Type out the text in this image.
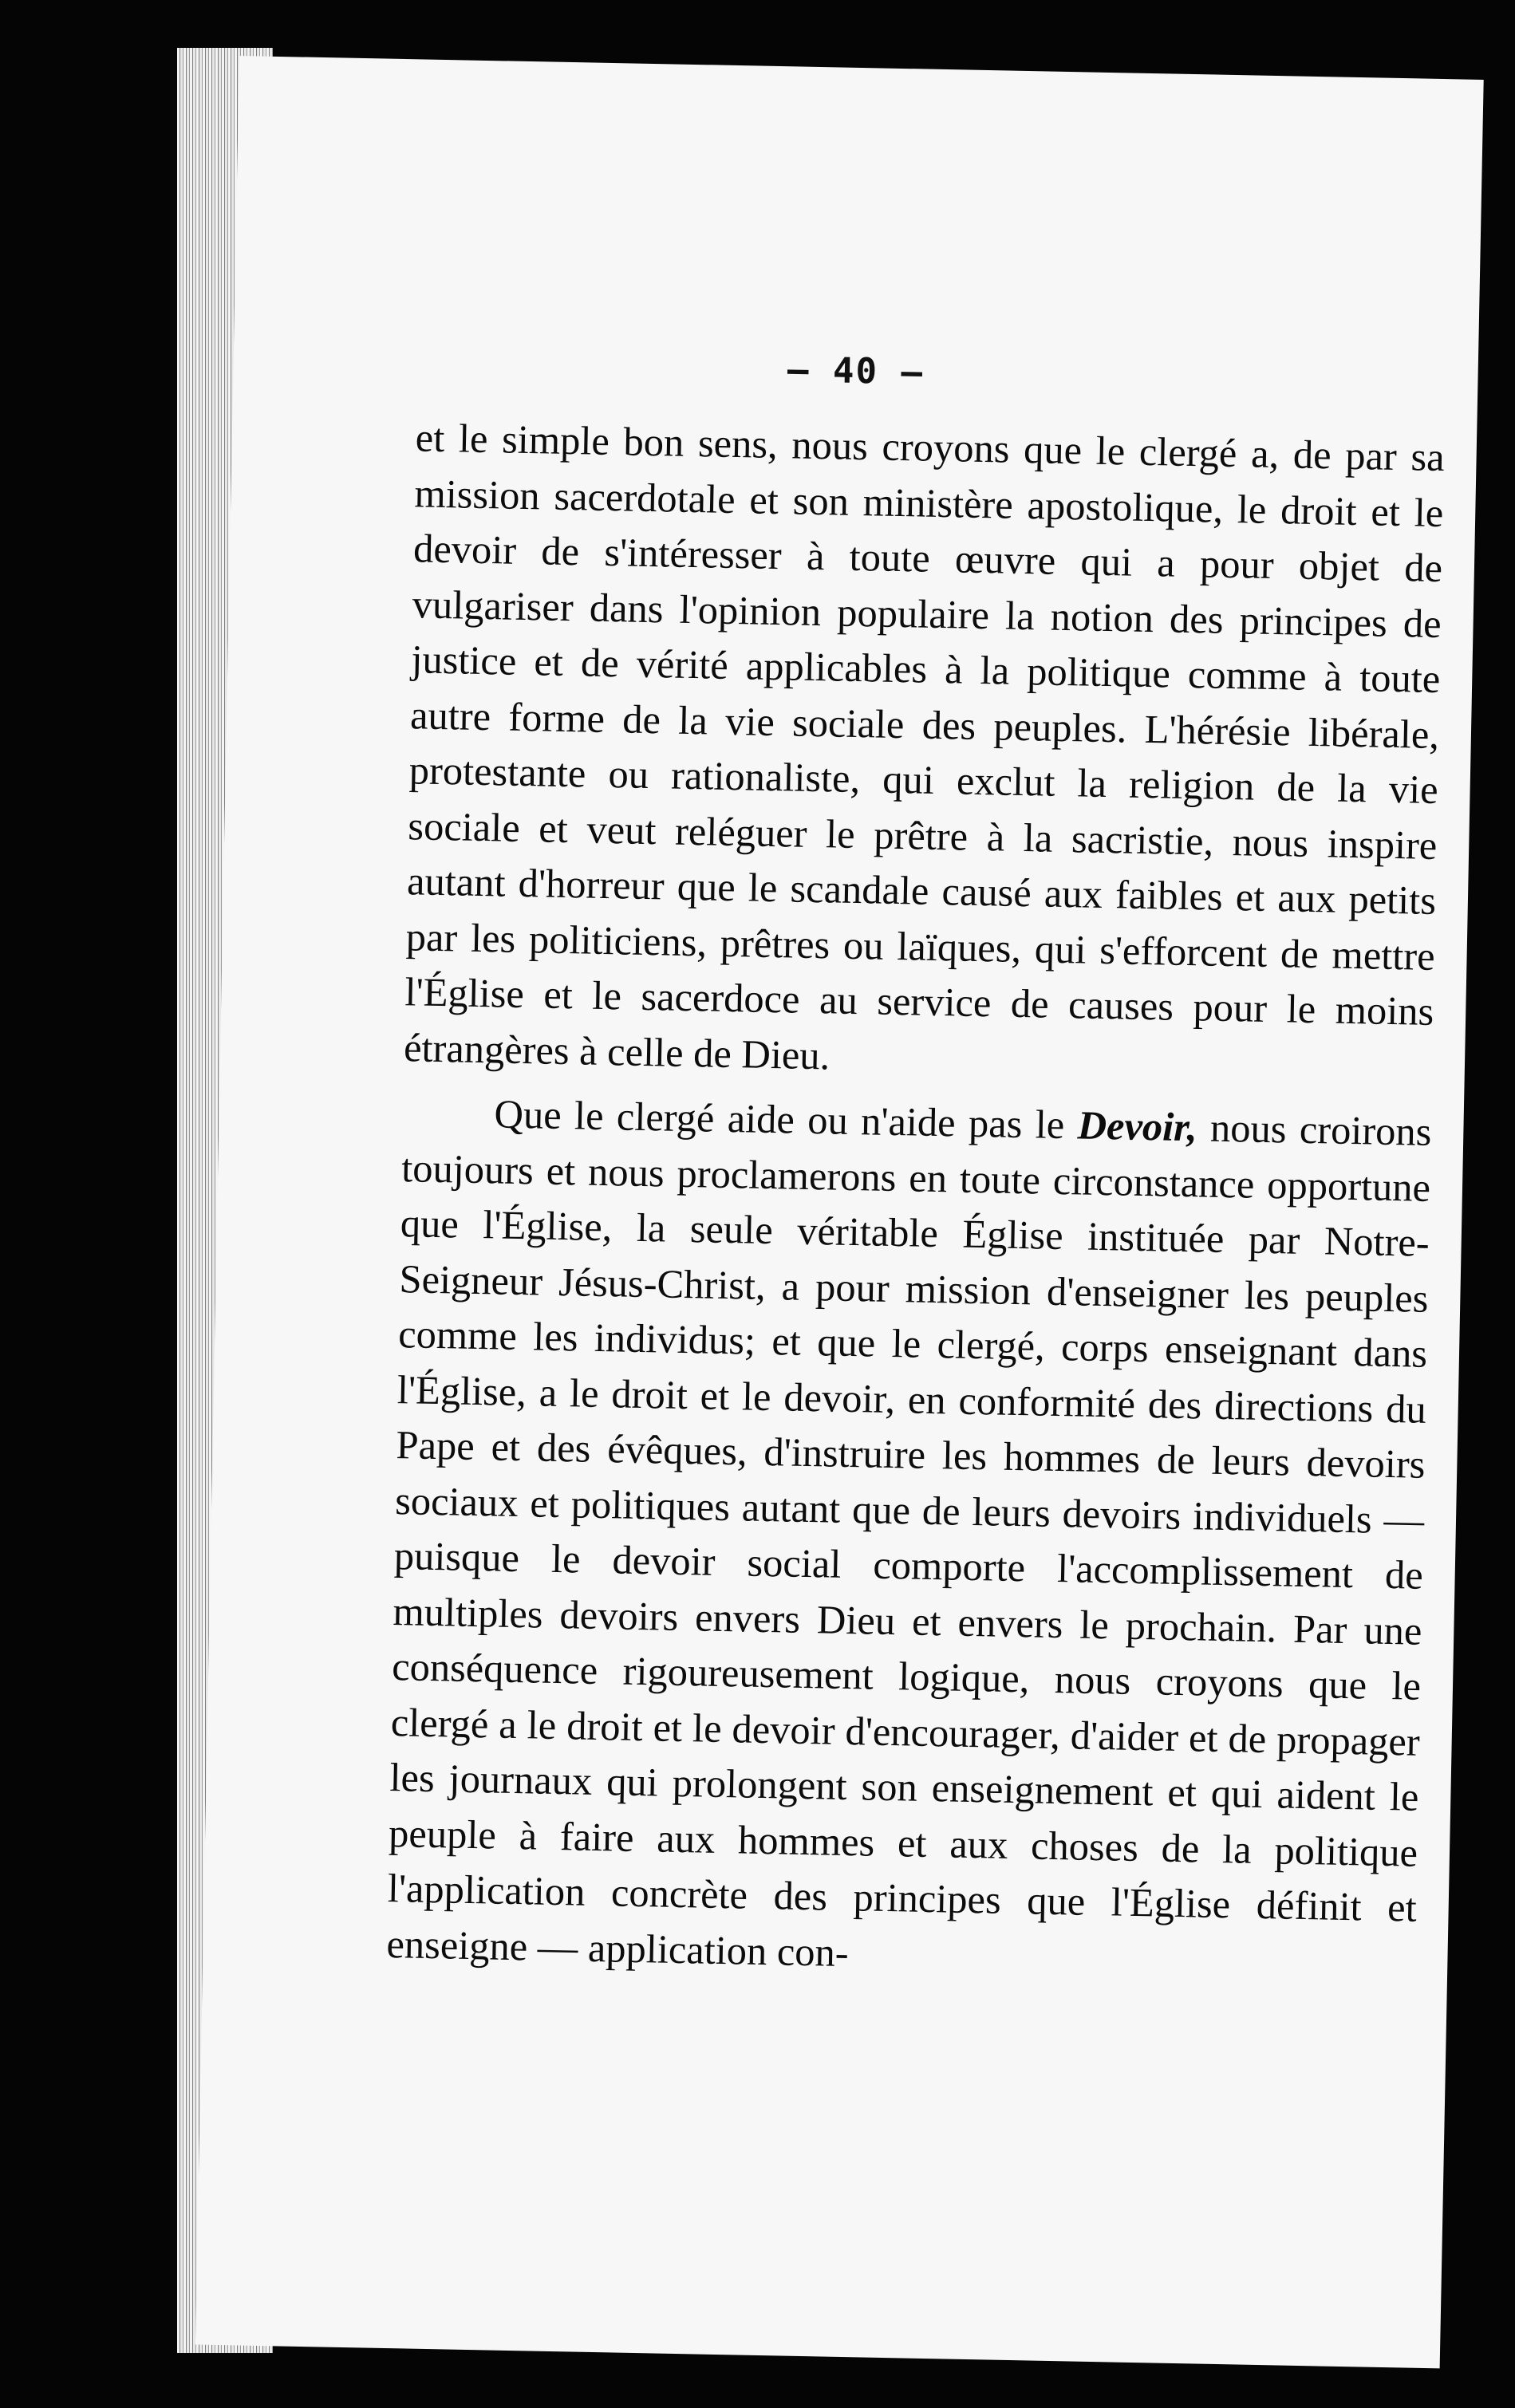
— 40 —

et le simple bon sens, nous croyons que le clergé a, de par sa mission sacerdotale et son ministère apostolique, le droit et le devoir de s'intéresser à toute œuvre qui a pour objet de vulgariser dans l'opinion populaire la notion des principes de justice et de vérité applicables à la politique comme à toute autre forme de la vie sociale des peuples. L'hérésie libérale, protestante ou rationaliste, qui exclut la religion de la vie sociale et veut reléguer le prêtre à la sacristie, nous inspire autant d'horreur que le scandale causé aux faibles et aux petits par les politiciens, prêtres ou laïques, qui s'efforcent de mettre l'Église et le sacerdoce au service de causes pour le moins étrangères à celle de Dieu.

Que le clergé aide ou n'aide pas le Devoir, nous croirons toujours et nous proclamerons en toute circonstance opportune que l'Église, la seule véritable Église instituée par Notre-Seigneur Jésus-Christ, a pour mission d'enseigner les peuples comme les individus; et que le clergé, corps enseignant dans l'Église, a le droit et le devoir, en conformité des directions du Pape et des évêques, d'instruire les hommes de leurs devoirs sociaux et politiques autant que de leurs devoirs individuels — puisque le devoir social comporte l'accomplissement de multiples devoirs envers Dieu et envers le prochain. Par une conséquence rigoureusement logique, nous croyons que le clergé a le droit et le devoir d'encourager, d'aider et de propager les journaux qui prolongent son enseignement et qui aident le peuple à faire aux hommes et aux choses de la politique l'application concrète des principes que l'Église définit et enseigne — application con-
